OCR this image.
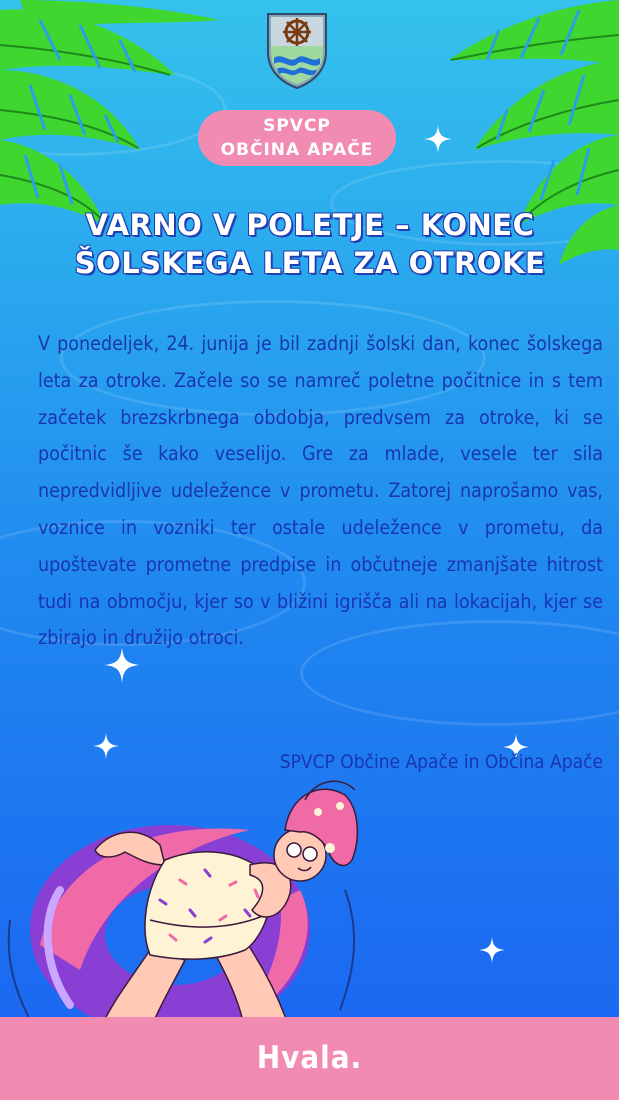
SPVCP
OBČINA APAČE
VARNO V POLETJE – KONEC
ŠOLSKEGA LETA ZA OTROKE

V ponedeljek, 24. junija je bil zadnji šolski dan, konec šolskega leta za otroke. Začele so se namreč poletne počitnice in s tem začetek brezskrbnega obdobja, predvsem za otroke, ki se počitnic še kako veselijo. Gre za mlade, vesele ter sila nepredvidljive udeležence v prometu. Zatorej naprošamo vas, voznice in vozniki ter ostale udeležence v prometu, da upoštevate prometne predpise in občutneje zmanjšate hitrost tudi na območju, kjer so v bližini igrišča ali na lokacijah, kjer se zbirajo in družijo otroci.

SPVCP Občine Apače in Občina Apače

Hvala.
